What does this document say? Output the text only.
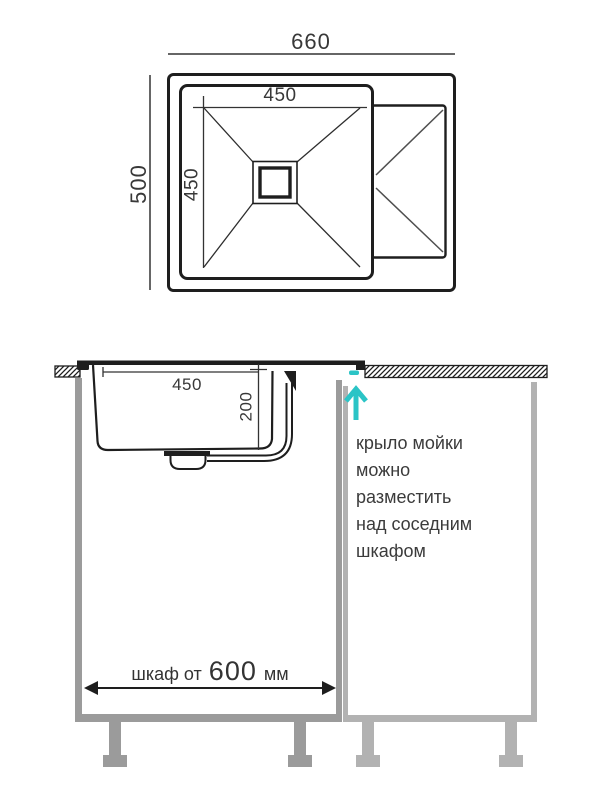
660
500
450
450
450
200
шкаф от 600 мм
крыло мойки
можно
разместить
над соседним
шкафом
